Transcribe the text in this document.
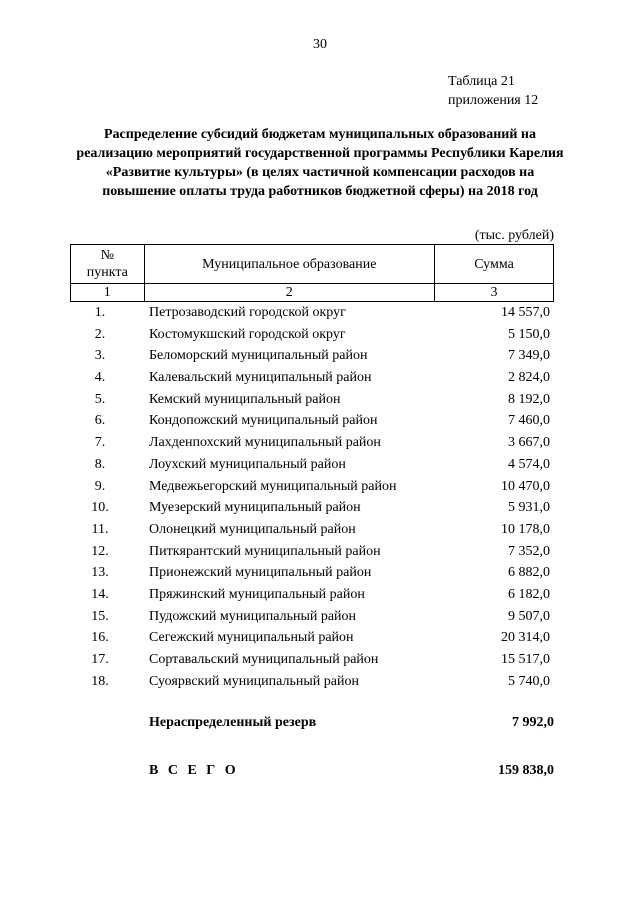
30
Таблица 21
приложения 12
Распределение субсидий бюджетам муниципальных образований на реализацию мероприятий государственной программы Республики Карелия «Развитие культуры» (в целях частичной компенсации расходов на повышение оплаты труда работников бюджетной сферы) на 2018 год
(тыс. рублей)
№
пункта	Муниципальное образование	Сумма
1	2	3
1.	Петрозаводский городской округ	14 557,0
2.	Костомукшский городской округ	5 150,0
3.	Беломорский муниципальный район	7 349,0
4.	Калевальский муниципальный район	2 824,0
5.	Кемский муниципальный район	8 192,0
6.	Кондопожский муниципальный район	7 460,0
7.	Лахденпохский муниципальный район	3 667,0
8.	Лоухский муниципальный район	4 574,0
9.	Медвежьегорский муниципальный район	10 470,0
10.	Муезерский муниципальный район	5 931,0
11.	Олонецкий муниципальный район	10 178,0
12.	Питкярантский муниципальный район	7 352,0
13.	Прионежский муниципальный район	6 882,0
14.	Пряжинский муниципальный район	6 182,0
15.	Пудожский муниципальный район	9 507,0
16.	Сегежский муниципальный район	20 314,0
17.	Сортавальский муниципальный район	15 517,0
18.	Суоярвский муниципальный район	5 740,0
Нераспределенный резерв	7 992,0
В С Е Г О	159 838,0
